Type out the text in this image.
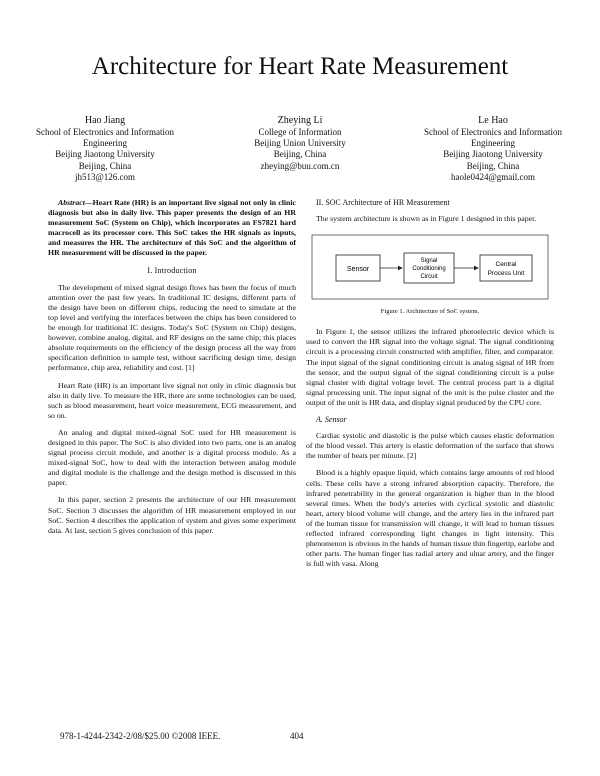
Architecture for Heart Rate Measurement
Hao Jiang
School of Electronics and Information
Engineering
Beijing Jiaotong University
Beijing, China
jh513@126.com
Zheying Li
College of Information
Beijing Union University
Beijing, China
zheying@buu.com.cn
Le Hao
School of Electronics and Information
Engineering
Beijing Jiaotong University
Beijing, China
haole0424@gmail.com

Abstract—Heart Rate (HR) is an important live signal not only in clinic diagnosis but also in daily live. This paper presents the design of an HR measurement SoC (System on Chip), which incorporates an FS7821 hard macrocell as its processor core. This SoC takes the HR signals as inputs, and measures the HR. The architecture of this SoC and the algorithm of HR measurement will be discussed in the paper.

I. Introduction

The development of mixed signal design flows has been the focus of much attention over the past few years. In traditional IC designs, different parts of the design have been on different chips, reducing the need to simulate at the top level and verifying the interfaces between the chips has been considered to be enough for traditional IC designs. Today's SoC (System on Chip) designs, however, combine analog, digital, and RF designs on the same chip; this places absolute requirements on the efficiency of the design process all the way from specification definition to sample test, without sacrificing design time, design performance, chip area, reliability and cost. [1]

Heart Rate (HR) is an important live signal not only in clinic diagnosis but also in daily live. To measure the HR, there are some technologies can be used, such as blood measurement, heart voice measurement, ECG measurement, and so on.

An analog and digital mixed-signal SoC used for HR measurement is designed in this paper. The SoC is also divided into two parts, one is an analog signal process circuit module, and another is a digital process module. As a mixed-signal SoC, how to deal with the interaction between analog module and digital module is the challenge and the design method is discussed in this paper.

In this paper, section 2 presents the architecture of our HR measurement SoC. Section 3 discusses the algorithm of HR measurement employed in our SoC. Section 4 describes the application of system and gives some experiment data. At last, section 5 gives conclusion of this paper.

II. SOC Architecture of HR Measurement

The system architecture is shown as in Figure 1 designed in this paper.

Sensor
Signal
Conditioning
Circuit
Central
Process Unit
Figure 1. Architecture of SoC system.

In Figure 1, the sensor utilizes the infrared photoelectric device which is used to convert the HR signal into the voltage signal. The signal conditioning circuit is a processing circuit constructed with amplifier, filter, and comparator. The input signal of the signal conditioning circuit is analog signal of HR from the sensor, and the output signal of the signal conditioning circuit is a pulse signal cluster with digital voltage level. The central process part is a digital signal processing unit. The input signal of the unit is the pulse cluster and the output of the unit is HR data, and display signal produced by the CPU core.

A. Sensor

Cardiac systolic and diastolic is the pulse which causes elastic deformation of the blood vessel. This artery is elastic deformation of the surface that shows the number of beats per minute. [2]

Blood is a highly opaque liquid, which contains large amounts of red blood cells. These cells have a strong infrared absorption capacity. Therefore, the infrared penetrability in the general organization is higher than in the blood several times. When the body's arteries with cyclical systolic and diastolic heart, artery blood volume will change, and the artery lies in the infrared part of the human tissue for transmission will change, it will lead to human tissues reflected infrared corresponding light changes in light intensity. This phenomenon is obvious in the hands of human tissue thin fingertip, earlobe and other parts. The human finger has radial artery and ulnar artery, and the finger is full with vasa. Along

978-1-4244-2342-2/08/$25.00 ©2008 IEEE.	404
